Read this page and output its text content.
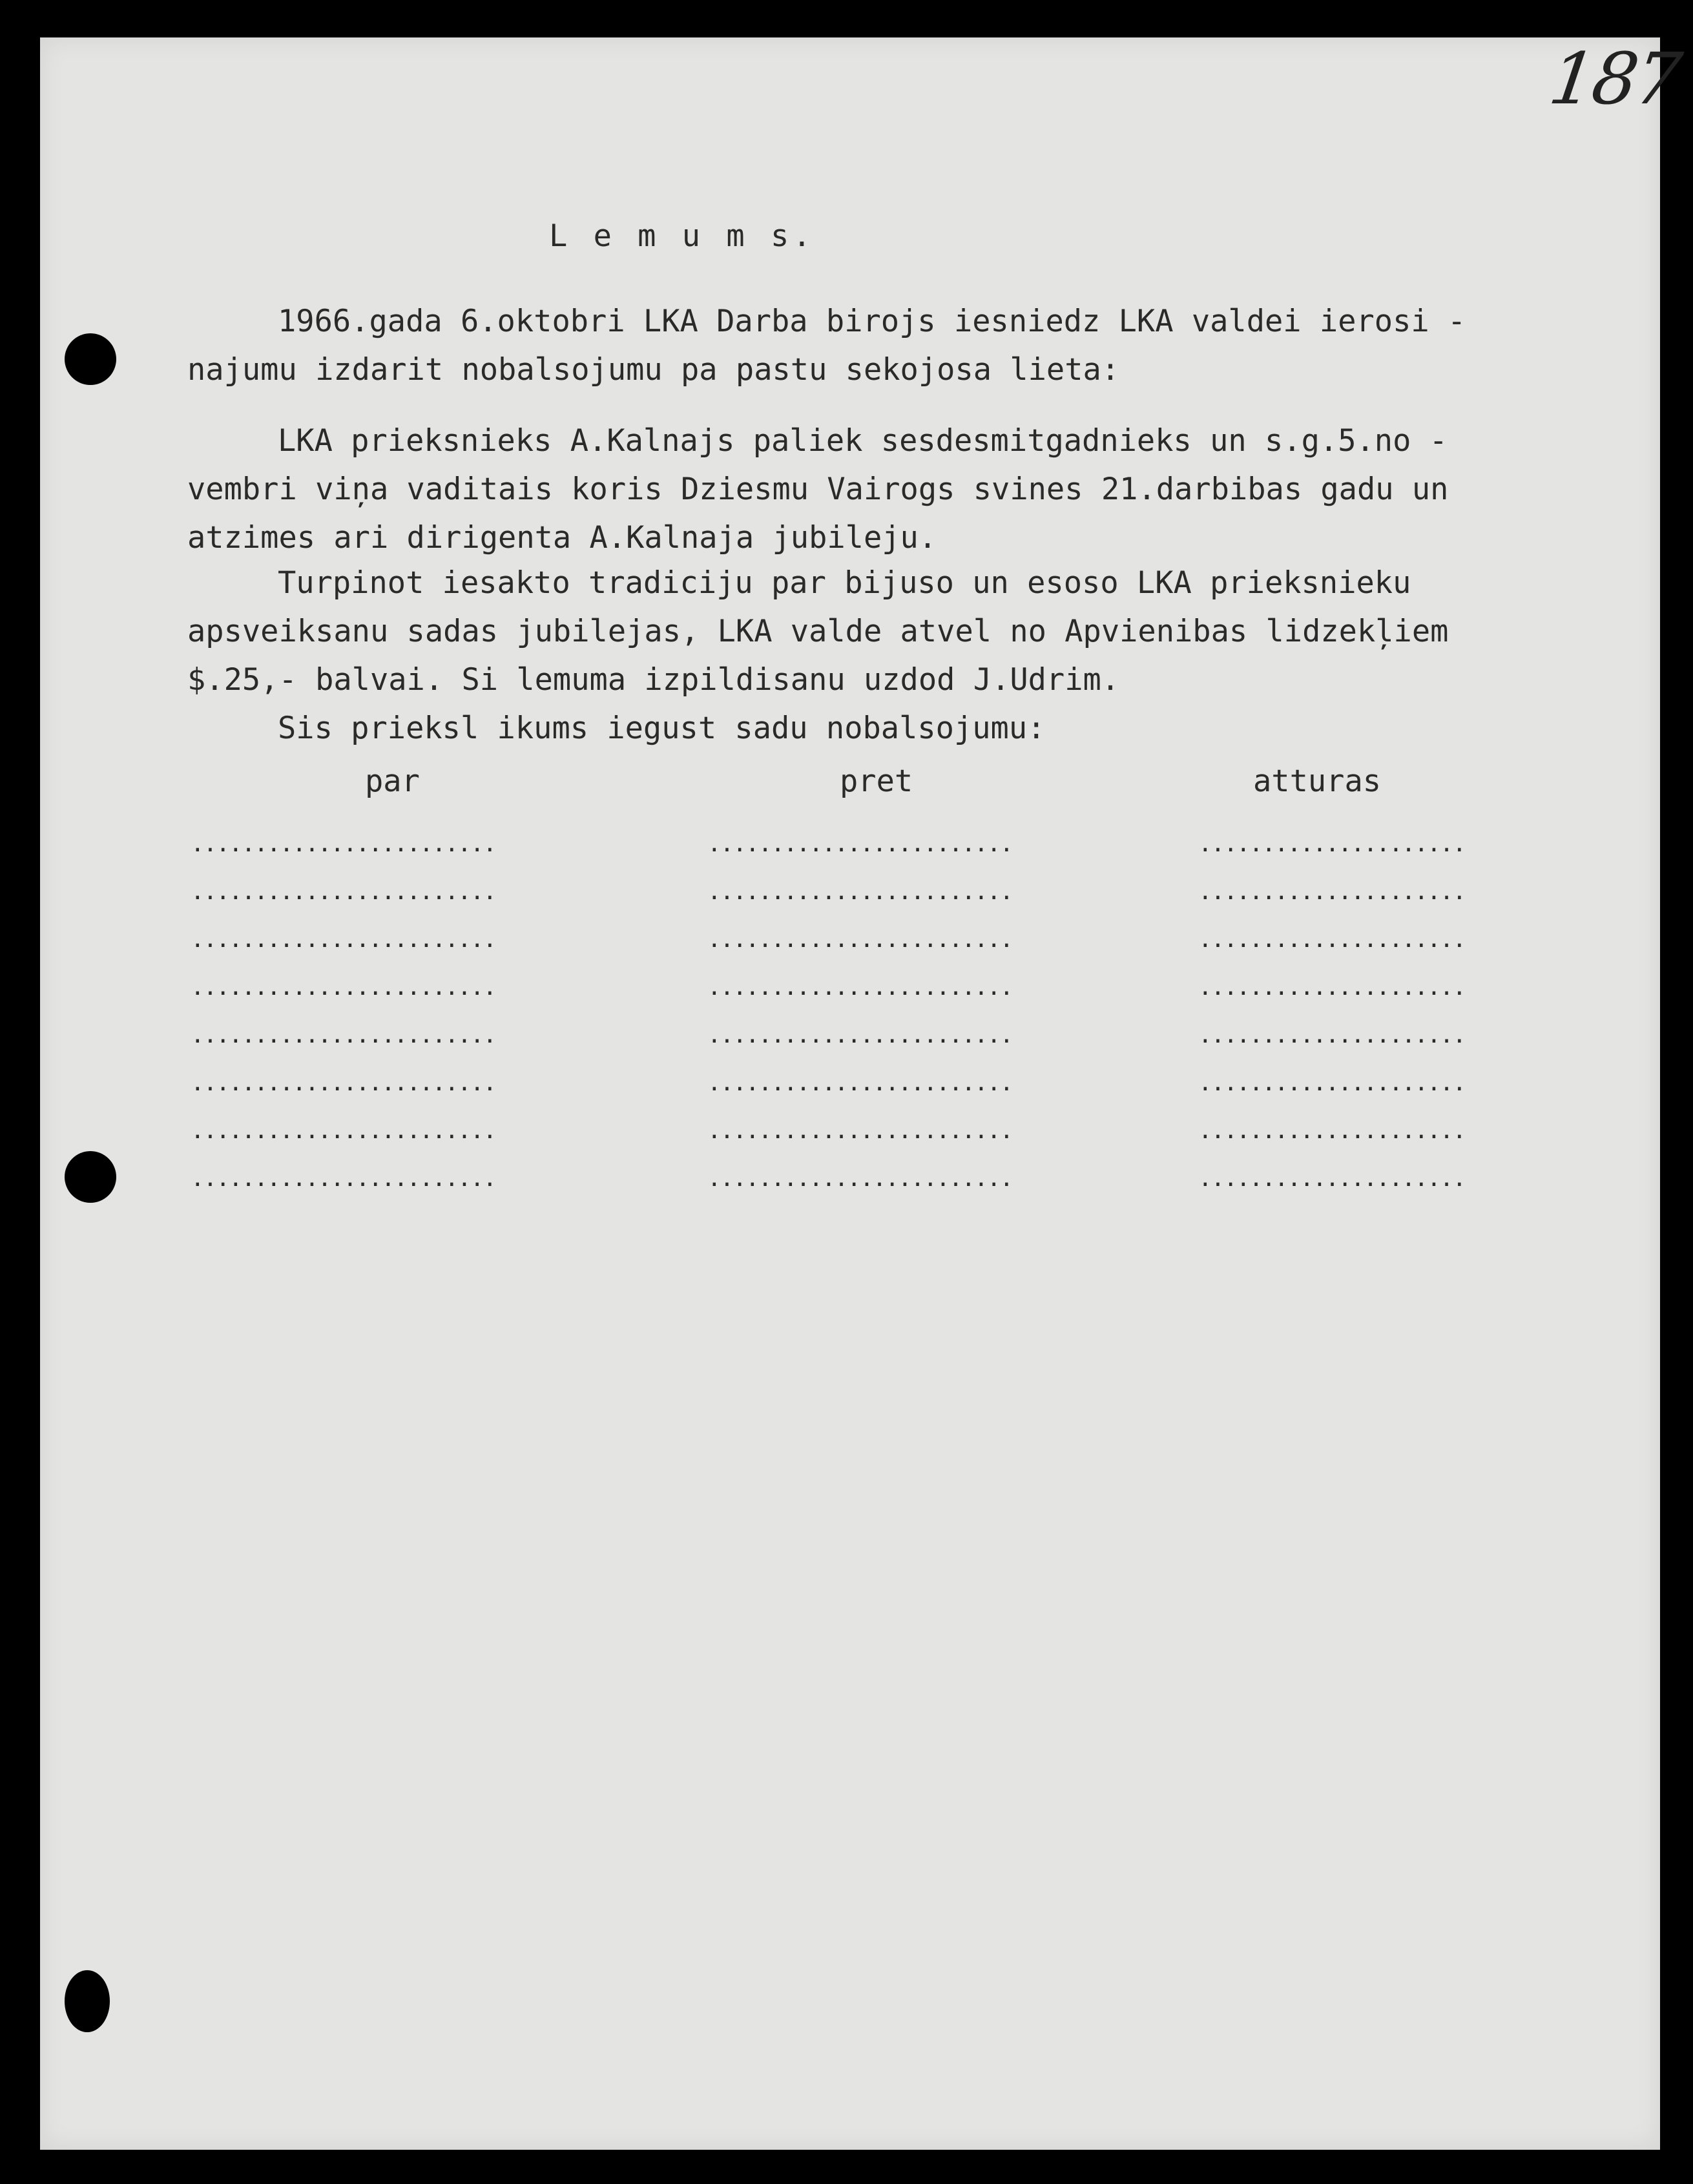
187
L e m u m s.
1966.gada 6.oktobri LKA Darba birojs iesniedz LKA valdei ierosi -
najumu izdarit nobalsojumu pa pastu sekojosa lieta:
LKA prieksnieks A.Kalnajs paliek sesdesmitgadnieks un s.g.5.no -
vembri viņa vaditais koris Dziesmu Vairogs svines 21.darbibas gadu un
atzimes ari dirigenta A.Kalnaja jubileju.
Turpinot iesakto tradiciju par bijuso un esoso LKA prieksnieku
apsveiksanu sadas jubilejas, LKA valde atvel no Apvienibas lidzekļiem
$.25,- balvai. Si lemuma izpildisanu uzdod J.Udrim.
Sis prieksl ikums iegust sadu nobalsojumu:
par	pret	atturas
........................
........................
........................
........................
........................
........................
........................
........................
........................
........................
........................
........................
........................
........................
........................
........................
.....................
.....................
.....................
.....................
.....................
.....................
.....................
.....................
